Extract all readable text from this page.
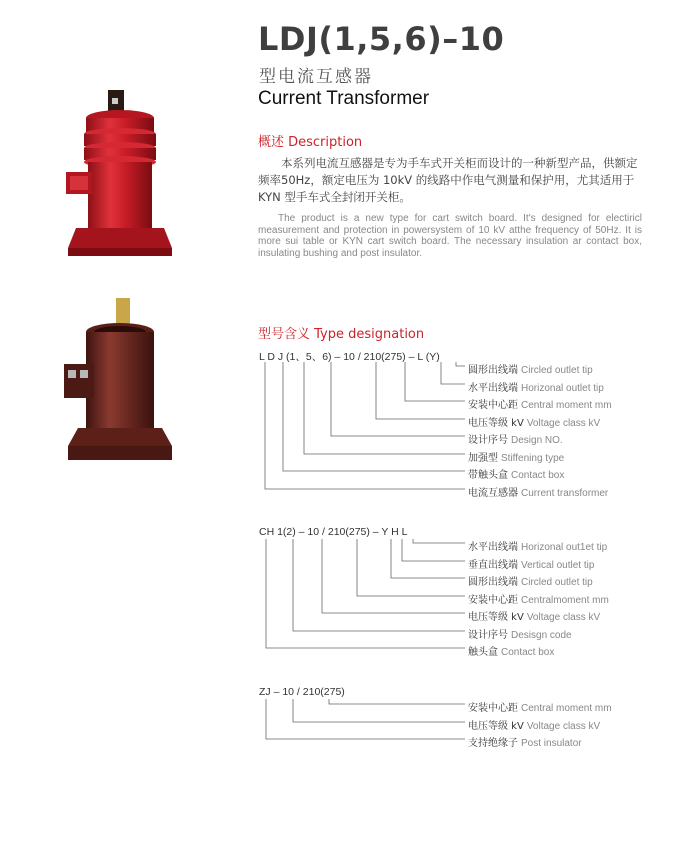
LDJ(1,5,6)–10
型电流互感器
Current Transformer
概述 Description
本系列电流互感器是专为手车式开关柜而设计的一种新型产品，供额定频率50Hz，额定电压为 10kV 的线路中作电气测量和保护用，尤其适用于 KYN 型手车式全封闭开关柜。
The product is a new type for cart switch board. It's designed for electiricl measurement and protection in powersystem of 10 kV atthe frequency of 50Hz. It is more sui table or KYN cart switch board. The necessary insulation ar contact box, insulating bushing and post insulator.
型号含义 Type designation
L D J (1、5、6) – 10 / 210(275) – L (Y)
圆形出线端 Circled outlet tip
水平出线端 Horizonal outlet tip
安装中心距 Central moment mm
电压等级 kV Voltage class kV
设计序号 Design NO.
加强型 Stiffening type
带触头盒 Contact box
电流互感器 Current transformer
CH 1(2) – 10 / 210(275) – Y H L
水平出线端 Horizonal out1et tip
垂直出线端 Vertical outlet tip
圆形出线端 Circled outlet tip
安装中心距 Centralmoment mm
电压等级 kV Voltage class kV
设计序号 Desisgn code
触头盒 Contact box
ZJ – 10 / 210(275)
安装中心距 Central moment mm
电压等级 kV Voltage class kV
支持绝缘子 Post insulator
